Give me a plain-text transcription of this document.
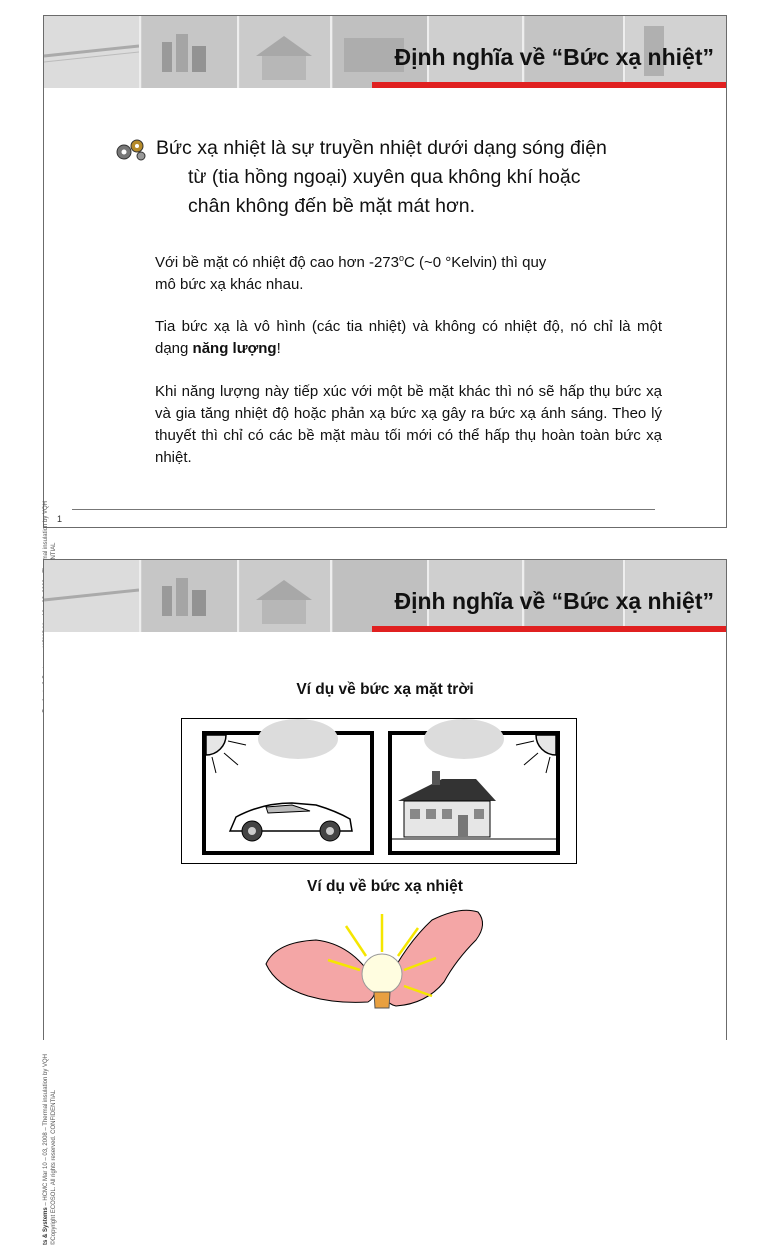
Định nghĩa về “Bức xạ nhiệt”
Bức xạ nhiệt là sự truyền nhiệt dưới dạng sóng điện
từ (tia hồng ngoại) xuyên qua không khí hoặc
chân không đến bề mặt mát hơn.

Với bề mặt có nhiệt độ cao hơn -273$^o$C (~0 °Kelvin) thì quy
mô bức xạ khác nhau.

Tia bức xạ là vô hình (các tia nhiệt) và không có nhiệt độ, nó chỉ là một dạng năng lượng!

Khi năng lượng này tiếp xúc với một bề mặt khác thì nó sẽ hấp thụ bức xạ và gia tăng nhiệt độ hoặc phản xạ bức xạ gây ra bức xạ ánh sáng. Theo lý thuyết thì chỉ có các bề mặt màu tối mới có thể hấp thụ hoàn toàn bức xạ nhiệt.

1
Định nghĩa về “Bức xạ nhiệt”

Ví dụ về bức xạ mặt trời

Ví dụ về bức xạ nhiệt

ts & Systems – HCMC Mar 10 – 03, 2008 – Thermal insulation by VQH ©Copyright ECOSOL. All rights reserved. CONFIDENTIAL
